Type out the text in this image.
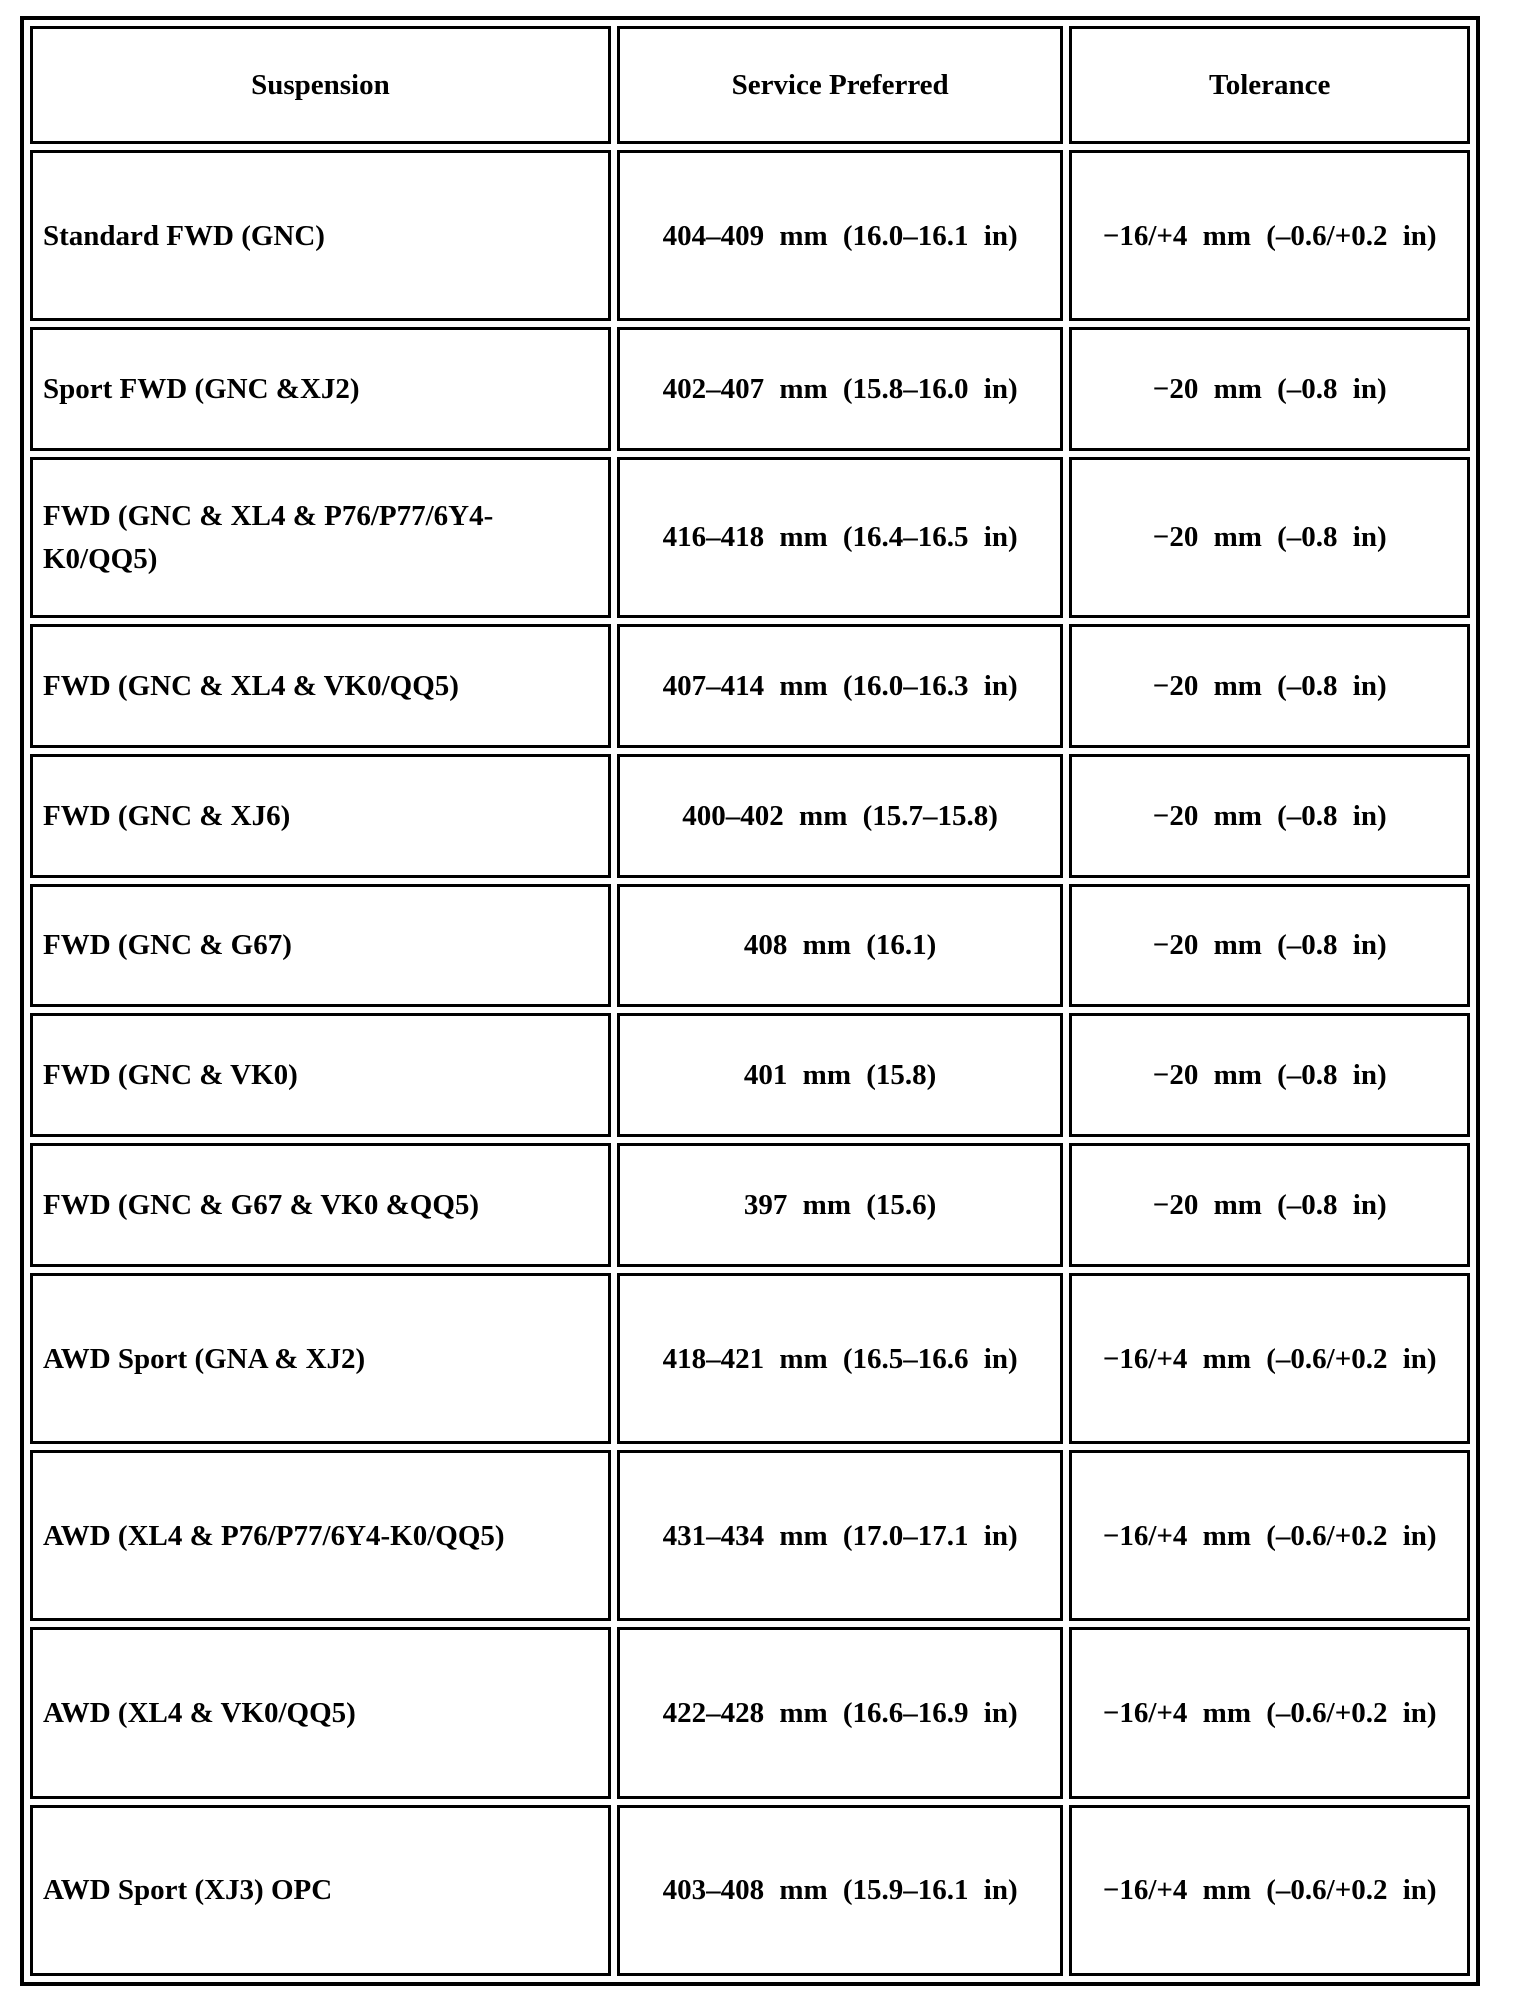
Suspension	Service Preferred	Tolerance
Standard FWD (GNC)	404–409 mm (16.0–16.1 in)	−16/+4 mm (–0.6/+0.2 in)
Sport FWD (GNC &XJ2)	402–407 mm (15.8–16.0 in)	−20 mm (–0.8 in)
FWD (GNC & XL4 & P76/P77/6Y4-K0/QQ5)	416–418 mm (16.4–16.5 in)	−20 mm (–0.8 in)
FWD (GNC & XL4 & VK0/QQ5)	407–414 mm (16.0–16.3 in)	−20 mm (–0.8 in)
FWD (GNC & XJ6)	400–402 mm (15.7–15.8)	−20 mm (–0.8 in)
FWD (GNC & G67)	408 mm (16.1)	−20 mm (–0.8 in)
FWD (GNC & VK0)	401 mm (15.8)	−20 mm (–0.8 in)
FWD (GNC & G67 & VK0 &QQ5)	397 mm (15.6)	−20 mm (–0.8 in)
AWD Sport (GNA & XJ2)	418–421 mm (16.5–16.6 in)	−16/+4 mm (–0.6/+0.2 in)
AWD (XL4 & P76/P77/6Y4-K0/QQ5)	431–434 mm (17.0–17.1 in)	−16/+4 mm (–0.6/+0.2 in)
AWD (XL4 & VK0/QQ5)	422–428 mm (16.6–16.9 in)	−16/+4 mm (–0.6/+0.2 in)
AWD Sport (XJ3) OPC	403–408 mm (15.9–16.1 in)	−16/+4 mm (–0.6/+0.2 in)
